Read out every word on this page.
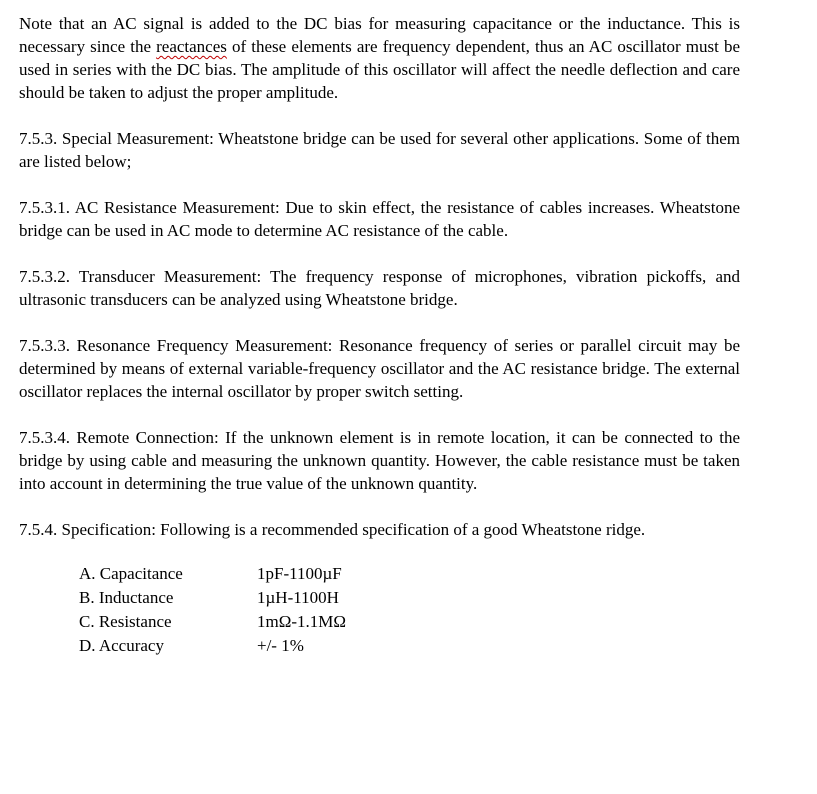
Note that an AC signal is added to the DC bias for measuring capacitance or the inductance. This is necessary since the reactances of these elements are frequency dependent, thus an AC oscillator must be used in series with the DC bias. The amplitude of this oscillator will affect the needle deflection and care should be taken to adjust the proper amplitude.

7.5.3. Special Measurement: Wheatstone bridge can be used for several other applications. Some of them are listed below;

7.5.3.1. AC Resistance Measurement: Due to skin effect, the resistance of cables increases. Wheatstone bridge can be used in AC mode to determine AC resistance of the cable.

7.5.3.2. Transducer Measurement: The frequency response of microphones, vibration pickoffs, and ultrasonic transducers can be analyzed using Wheatstone bridge.

7.5.3.3. Resonance Frequency Measurement: Resonance frequency of series or parallel circuit may be determined by means of external variable-frequency oscillator and the AC resistance bridge. The external oscillator replaces the internal oscillator by proper switch setting.

7.5.3.4. Remote Connection: If the unknown element is in remote location, it can be connected to the bridge by using cable and measuring the unknown quantity. However, the cable resistance must be taken into account in determining the true value of the unknown quantity.

7.5.4. Specification: Following is a recommended specification of a good Wheatstone ridge.

A. Capacitance	1pF-1100µF
B. Inductance	1µH-1100H
C. Resistance	1mΩ-1.1MΩ
D. Accuracy	+/- 1%
